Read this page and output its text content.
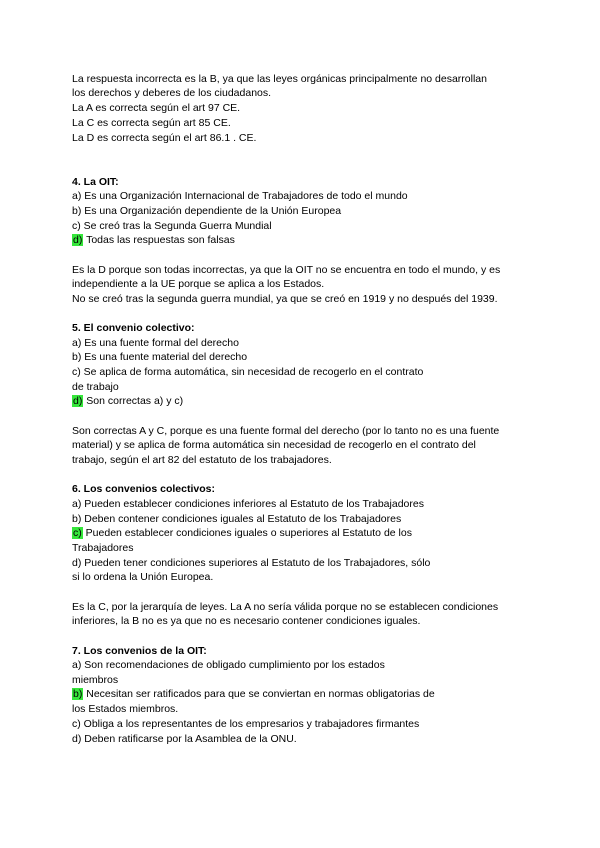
La respuesta incorrecta es la B, ya que las leyes orgánicas principalmente no desarrollan
los derechos y deberes de los ciudadanos.
La A es correcta según el art 97 CE.
La C es correcta según art 85 CE.
La D es correcta según el art 86.1 . CE.
4. La OIT:
a) Es una Organización Internacional de Trabajadores de todo el mundo
b) Es una Organización dependiente de la Unión Europea
c) Se creó tras la Segunda Guerra Mundial
d) Todas las respuestas son falsas
Es la D porque son todas incorrectas, ya que la OIT no se encuentra en todo el mundo, y es
independiente a la UE porque se aplica a los Estados.
No se creó tras la segunda guerra mundial, ya que se creó en 1919 y no después del 1939.
5. El convenio colectivo:
a) Es una fuente formal del derecho
b) Es una fuente material del derecho
c) Se aplica de forma automática, sin necesidad de recogerlo en el contrato
de trabajo
d) Son correctas a) y c)
Son correctas A y C, porque es una fuente formal del derecho (por lo tanto no es una fuente
material) y se aplica de forma automática sin necesidad de recogerlo en el contrato del
trabajo, según el art 82 del estatuto de los trabajadores.
6. Los convenios colectivos:
a) Pueden establecer condiciones inferiores al Estatuto de los Trabajadores
b) Deben contener condiciones iguales al Estatuto de los Trabajadores
c) Pueden establecer condiciones iguales o superiores al Estatuto de los
Trabajadores
d) Pueden tener condiciones superiores al Estatuto de los Trabajadores, sólo
si lo ordena la Unión Europea.
Es la C, por la jerarquía de leyes. La A no sería válida porque no se establecen condiciones
inferiores, la B no es ya que no es necesario contener condiciones iguales.
7. Los convenios de la OIT:
a) Son recomendaciones de obligado cumplimiento por los estados
miembros
b) Necesitan ser ratificados para que se conviertan en normas obligatorias de
los Estados miembros.
c) Obliga a los representantes de los empresarios y trabajadores firmantes
d) Deben ratificarse por la Asamblea de la ONU.
